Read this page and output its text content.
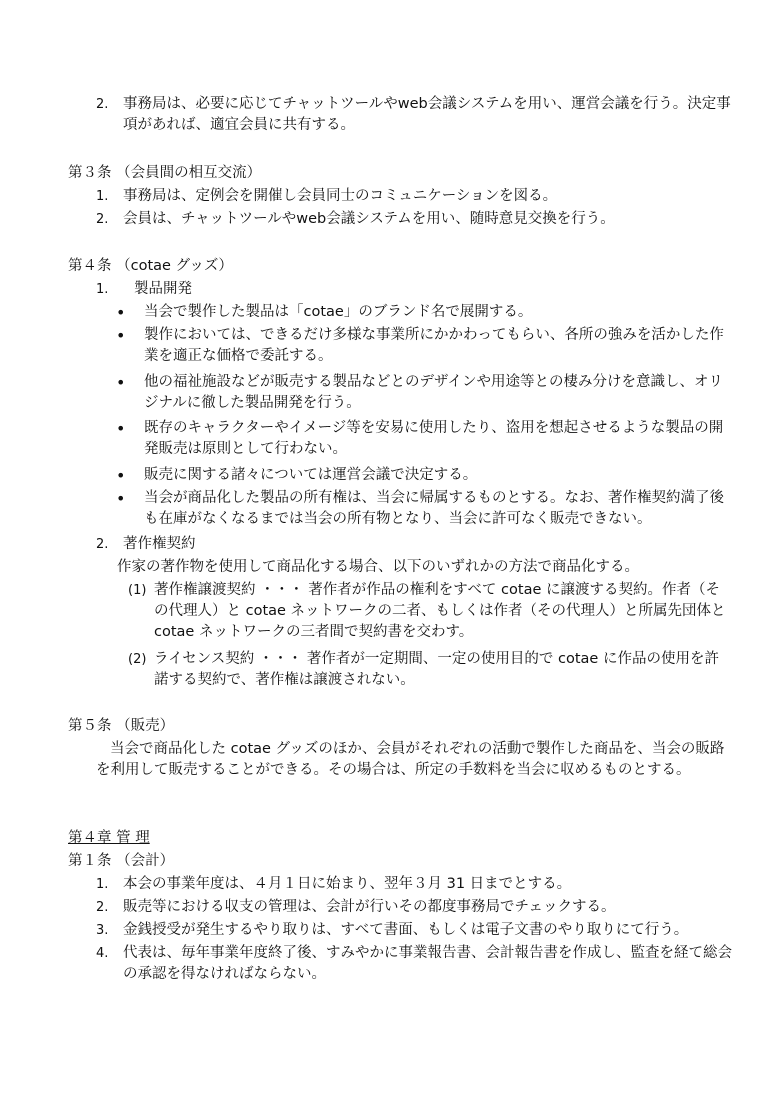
2.	事務局は、必要に応じてチャットツールやweb会議システムを用い、運営会議を行う。決定事項があれば、適宜会員に共有する。
第３条 （会員間の相互交流）
1.	事務局は、定例会を開催し会員同士のコミュニケーションを図る。
2.	会員は、チャットツールやweb会議システムを用い、随時意見交換を行う。
第４条 （cotae グッズ）
1.	製品開発
•	当会で製作した製品は「cotae」のブランド名で展開する。
•	製作においては、できるだけ多様な事業所にかかわってもらい、各所の強みを活かした作業を適正な価格で委託する。
•	他の福祉施設などが販売する製品などとのデザインや用途等との棲み分けを意識し、オリジナルに徹した製品開発を行う。
•	既存のキャラクターやイメージ等を安易に使用したり、盗用を想起させるような製品の開発販売は原則として行わない。
•	販売に関する諸々については運営会議で決定する。
•	当会が商品化した製品の所有権は、当会に帰属するものとする。なお、著作権契約満了後も在庫がなくなるまでは当会の所有物となり、当会に許可なく販売できない。
2.	著作権契約
作家の著作物を使用して商品化する場合、以下のいずれかの方法で商品化する。
(1) 著作権譲渡契約 ・・・ 著作者が作品の権利をすべて cotae に譲渡する契約。作者（その代理人）と cotae ネットワークの二者、もしくは作者（その代理人）と所属先団体と cotae ネットワークの三者間で契約書を交わす。
(2) ライセンス契約 ・・・ 著作者が一定期間、一定の使用目的で cotae に作品の使用を許諾する契約で、著作権は譲渡されない。
第５条 （販売）
当会で商品化した cotae グッズのほか、会員がそれぞれの活動で製作した商品を、当会の販路を利用して販売することができる。その場合は、所定の手数料を当会に収めるものとする。
第４章 管 理
第１条 （会計）
1.	本会の事業年度は、４月１日に始まり、翌年３月 31 日までとする。
2.	販売等における収支の管理は、会計が行いその都度事務局でチェックする。
3.	金銭授受が発生するやり取りは、すべて書面、もしくは電子文書のやり取りにて行う。
4.	代表は、毎年事業年度終了後、すみやかに事業報告書、会計報告書を作成し、監査を経て総会の承認を得なければならない。
